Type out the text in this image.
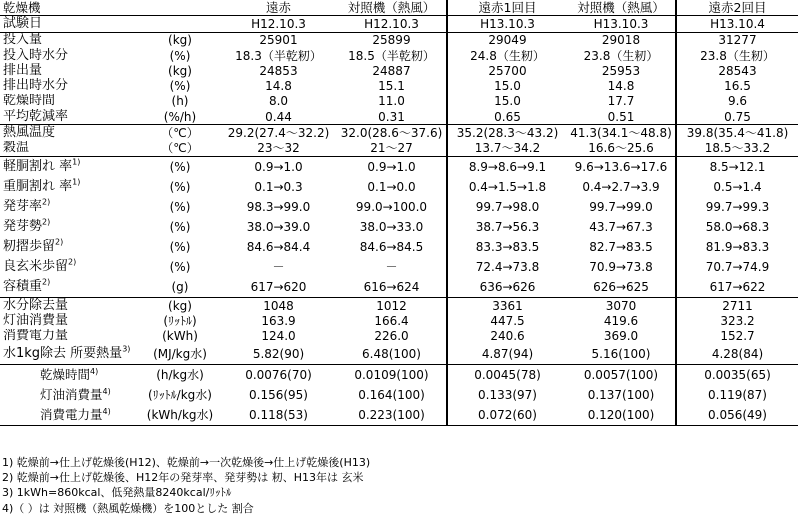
乾燥機		遠赤	対照機（熱風）	遠赤1回目	対照機（熱風）	遠赤2回目
試験日		H12.10.3	H12.10.3	H13.10.3	H13.10.3	H13.10.4
投入量	(kg)	25901	25899	29049	29018	31277
投入時水分	(%)	18.3（半乾籾）	18.5（半乾籾）	24.8（生籾）	23.8（生籾）	23.8（生籾）
排出量	(kg)	24853	24887	25700	25953	28543
排出時水分	(%)	14.8	15.1	15.0	14.8	16.5
乾燥時間	(h)	8.0	11.0	15.0	17.7	9.6
平均乾減率	(%/h)	0.44	0.31	0.65	0.51	0.75
熱風温度	（℃）	29.2(27.4～32.2)	32.0(28.6～37.6)	35.2(28.3～43.2)	41.3(34.1～48.8)	39.8(35.4～41.8)
穀温	（℃）	23～32	21～27	13.7～34.2	16.6～25.6	18.5～33.2
軽胴割れ 率$^{1)}$	(%)	0.9→1.0	0.9→1.0	8.9→8.6→9.1	9.6→13.6→17.6	8.5→12.1
重胴割れ 率$^{1)}$	(%)	0.1→0.3	0.1→0.0	0.4→1.5→1.8	0.4→2.7→3.9	0.5→1.4
発芽率$^{2)}$	(%)	98.3→99.0	99.0→100.0	99.7→98.0	99.7→99.0	99.7→99.3
発芽勢$^{2)}$	(%)	38.0→39.0	38.0→33.0	38.7→56.3	43.7→67.3	58.0→68.3
籾摺歩留$^{2)}$	(%)	84.6→84.4	84.6→84.5	83.3→83.5	82.7→83.5	81.9→83.3
良玄米歩留$^{2)}$	(%)	－	－	72.4→73.8	70.9→73.8	70.7→74.9
容積重$^{2)}$	(g)	617→620	616→624	636→626	626→625	617→622
水分除去量	(kg)	1048	1012	3361	3070	2711
灯油消費量	(ﾘｯﾄﾙ)	163.9	166.4	447.5	419.6	323.2
消費電力量	(kWh)	124.0	226.0	240.6	369.0	152.7
水1kg除去 所要熱量$^{3)}$	(MJ/kg水)	5.82(90)	6.48(100)	4.87(94)	5.16(100)	4.28(84)
乾燥時間$^{4)}$	(h/kg水)	0.0076(70)	0.0109(100)	0.0045(78)	0.0057(100)	0.0035(65)
灯油消費量$^{4)}$	(ﾘｯﾄﾙ/kg水)	0.156(95)	0.164(100)	0.133(97)	0.137(100)	0.119(87)
消費電力量$^{4)}$	(kWh/kg水)	0.118(53)	0.223(100)	0.072(60)	0.120(100)	0.056(49)
1) 乾燥前→仕上げ乾燥後(H12)、乾燥前→一次乾燥後→仕上げ乾燥後(H13)
2) 乾燥前→仕上げ乾燥後、H12年の発芽率、発芽勢は 籾、H13年は 玄米
3) 1kWh=860kcal、低発熱量8240kcal/ﾘｯﾄﾙ
4)（ ）は 対照機（熱風乾燥機）を100とした 割合
